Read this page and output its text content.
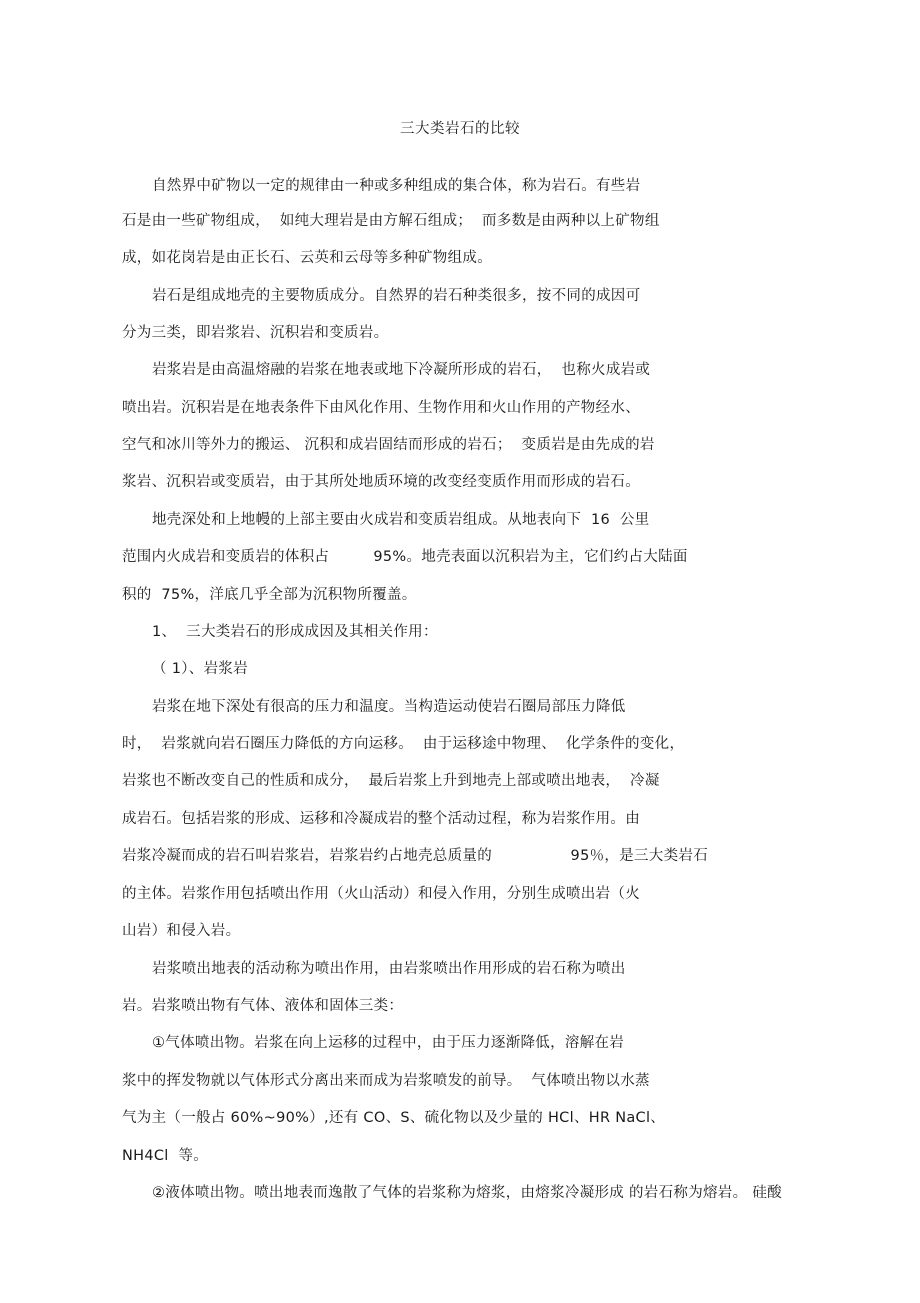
三大类岩石的比较
自然界中矿物以一定的规律由一种或多种组成的集合体，称为岩石。有些岩
石是由一些矿物组成，  如纯大理岩是由方解石组成；  而多数是由两种以上矿物组
成，如花岗岩是由正长石、云英和云母等多种矿物组成。
岩石是组成地壳的主要物质成分。自然界的岩石种类很多，按不同的成因可
分为三类，即岩浆岩、沉积岩和变质岩。
岩浆岩是由高温熔融的岩浆在地表或地下冷凝所形成的岩石，  也称火成岩或
喷出岩。沉积岩是在地表条件下由风化作用、生物作用和火山作用的产物经水、
空气和冰川等外力的搬运、 沉积和成岩固结而形成的岩石；  变质岩是由先成的岩
浆岩、沉积岩或变质岩，由于其所处地质环境的改变经变质作用而形成的岩石。
地壳深处和上地幔的上部主要由火成岩和变质岩组成。从地表向下  16  公里
范围内火成岩和变质岩的体积占         95%。地壳表面以沉积岩为主，它们约占大陆面
积的  75%，洋底几乎全部为沉积物所覆盖。
1、  三大类岩石的形成成因及其相关作用：
（ 1）、岩浆岩
岩浆在地下深处有很高的压力和温度。当构造运动使岩石圈局部压力降低
时，  岩浆就向岩石圈压力降低的方向运移。  由于运移途中物理、  化学条件的变化，
岩浆也不断改变自己的性质和成分，  最后岩浆上升到地壳上部或喷出地表，  冷凝
成岩石。包括岩浆的形成、运移和冷凝成岩的整个活动过程，称为岩浆作用。由
岩浆冷凝而成的岩石叫岩浆岩，岩浆岩约占地壳总质量的                95％，是三大类岩石
的主体。岩浆作用包括喷出作用（火山活动）和侵入作用，分别生成喷出岩（火
山岩）和侵入岩。
岩浆喷出地表的活动称为喷出作用，由岩浆喷出作用形成的岩石称为喷出
岩。岩浆喷出物有气体、液体和固体三类：
①气体喷出物。岩浆在向上运移的过程中，由于压力逐渐降低，溶解在岩
浆中的挥发物就以气体形式分离出来而成为岩浆喷发的前导。  气体喷出物以水蒸
气为主（一般占 60%~90%）,还有 CO、S、硫化物以及少量的 HCl、HR NaCl、
NH4Cl  等。
②液体喷出物。喷出地表而逸散了气体的岩浆称为熔浆，由熔浆冷凝形成 的岩石称为熔岩。 硅酸
